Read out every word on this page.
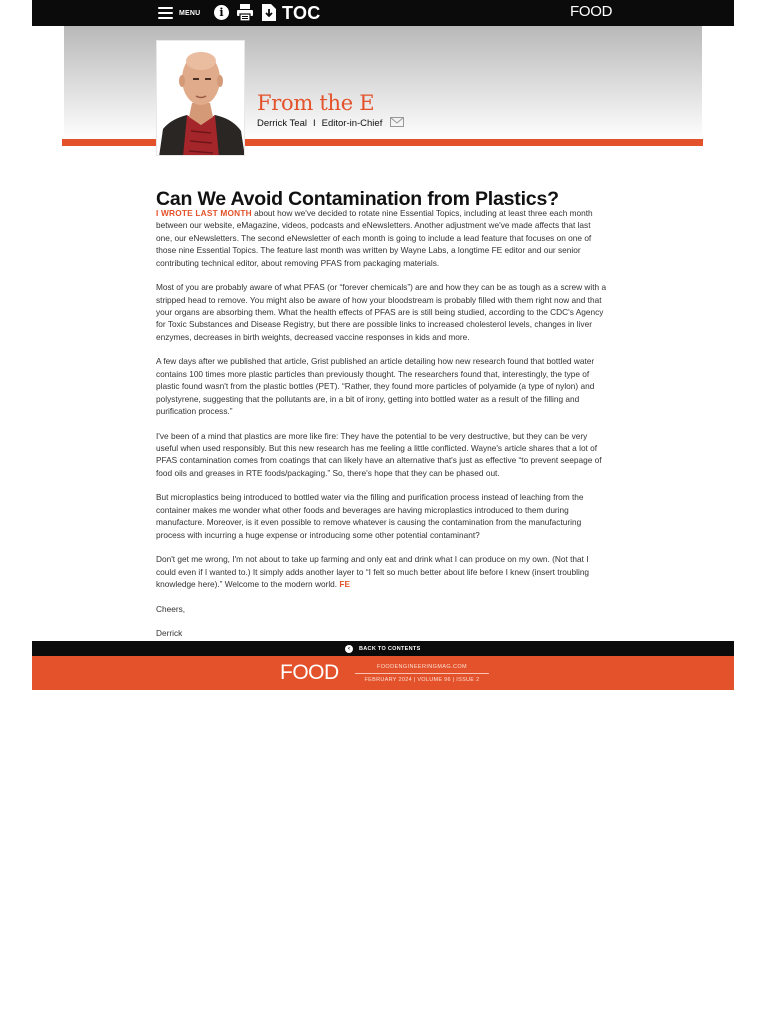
MENU	i	TOC	FOOD
From the E
Derrick Teal I Editor-in-Chief
Can We Avoid Contamination from Plastics?

I WROTE LAST MONTH about how we've decided to rotate nine Essential Topics, including at least three each month between our website, eMagazine, videos, podcasts and eNewsletters. Another adjustment we've made affects that last one, our eNewsletters. The second eNewsletter of each month is going to include a lead feature that focuses on one of those nine Essential Topics. The feature last month was written by Wayne Labs, a longtime FE editor and our senior contributing technical editor, about removing PFAS from packaging materials.

Most of you are probably aware of what PFAS (or “forever chemicals”) are and how they can be as tough as a screw with a stripped head to remove. You might also be aware of how your bloodstream is probably filled with them right now and that your organs are absorbing them. What the health effects of PFAS are is still being studied, according to the CDC's Agency for Toxic Substances and Disease Registry, but there are possible links to increased cholesterol levels, changes in liver enzymes, decreases in birth weights, decreased vaccine responses in kids and more.

A few days after we published that article, Grist published an article detailing how new research found that bottled water contains 100 times more plastic particles than previously thought. The researchers found that, interestingly, the type of plastic found wasn't from the plastic bottles (PET). “Rather, they found more particles of polyamide (a type of nylon) and polystyrene, suggesting that the pollutants are, in a bit of irony, getting into bottled water as a result of the filling and purification process.”

I've been of a mind that plastics are more like fire: They have the potential to be very destructive, but they can be very useful when used responsibly. But this new research has me feeling a little conflicted. Wayne's article shares that a lot of PFAS contamination comes from coatings that can likely have an alternative that's just as effective “to prevent seepage of food oils and greases in RTE foods/packaging.” So, there's hope that they can be phased out.

But microplastics being introduced to bottled water via the filling and purification process instead of leaching from the container makes me wonder what other foods and beverages are having microplastics introduced to them during manufacture. Moreover, is it even possible to remove whatever is causing the contamination from the manufacturing process with incurring a huge expense or introducing some other potential contaminant?

Don't get me wrong, I'm not about to take up farming and only eat and drink what I can produce on my own. (Not that I could even if I wanted to.) It simply adds another layer to “I felt so much better about life before I knew (insert troubling knowledge here).” Welcome to the modern world. FE

Cheers,

Derrick

‹	BACK TO CONTENTS
FOOD	FOODENGINEERINGMAG.COM
FEBRUARY 2024 | VOLUME 96 | ISSUE 2
